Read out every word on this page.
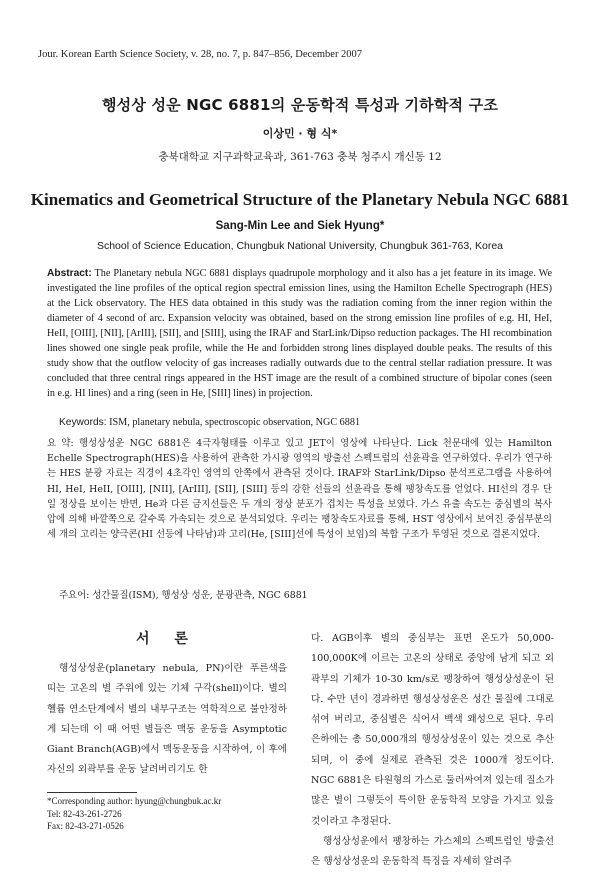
Jour. Korean Earth Science Society, v. 28, no. 7, p. 847–856, December 2007
행성상 성운 NGC 6881의 운동학적 특성과 기하학적 구조
이상민 · 형 식*
충북대학교 지구과학교육과, 361-763 충북 청주시 개신동 12
Kinematics and Geometrical Structure of the Planetary Nebula NGC 6881
Sang-Min Lee and Siek Hyung*
School of Science Education, Chungbuk National University, Chungbuk 361-763, Korea
Abstract: The Planetary nebula NGC 6881 displays quadrupole morphology and it also has a jet feature in its image. We investigated the line profiles of the optical region spectral emission lines, using the Hamilton Echelle Spectrograph (HES) at the Lick observatory. The HES data obtained in this study was the radiation coming from the inner region within the diameter of 4 second of arc. Expansion velocity was obtained, based on the strong emission line profiles of e.g. HI, HeI, HeII, [OIII], [NII], [ArIII], [SII], and [SIII], using the IRAF and StarLink/Dipso reduction packages. The HI recombination lines showed one single peak profile, while the He and forbidden strong lines displayed double peaks. The results of this study show that the outflow velocity of gas increases radially outwards due to the central stellar radiation pressure. It was concluded that three central rings appeared in the HST image are the result of a combined structure of bipolar cones (seen in e.g. HI lines) and a ring (seen in He, [SIII] lines) in projection.
Keywords: ISM, planetary nebula, spectroscopic observation, NGC 6881
요 약: 행성상성운 NGC 6881은 4극자형태를 이루고 있고 JET이 영상에 나타난다. Lick 천문대에 있는 Hamilton Echelle Spectrograph(HES)을 사용하여 관측한 가시광 영역의 방출선 스펙트럼의 선윤곽을 연구하였다. 우리가 연구하는 HES 분광 자료는 직경이 4초각인 영역의 안쪽에서 관측된 것이다. IRAF와 StarLink/Dipso 분석프로그램을 사용하여 HI, HeI, HeII, [OIII], [NII], [ArIII], [SII], [SIII] 등의 강한 선들의 선윤곽을 통해 팽창속도를 얻었다. HI선의 경우 단일 정상을 보이는 반면, He과 다른 금지선들은 두 개의 정상 분포가 겹치는 특성을 보였다. 가스 유출 속도는 중심별의 복사압에 의해 바깥쪽으로 갈수록 가속되는 것으로 분석되었다. 우리는 팽창속도자료를 통해, HST 영상에서 보여진 중심부분의 세 개의 고리는 양극콘(HI 선등에 나타남)과 고리(He, [SIII]선에 특성이 보임)의 복합 구조가 투영된 것으로 결론지었다.
주요어: 성간물질(ISM), 행성상 성운, 분광관측, NGC 6881
서 론

행성상성운(planetary nebula, PN)이란 푸른색을 띠는 고온의 별 주위에 있는 기체 구각(shell)이다. 별의 헬륨 연소단계에서 별의 내부구조는 역학적으로 불안정하게 되는데 이 때 어떤 별들은 맥동 운동을 Asymptotic Giant Branch(AGB)에서 맥동운동을 시작하여, 이 후에 자신의 외곽부를 운동 날려버리기도 한

다. AGB이후 별의 중심부는 표면 온도가 50,000-100,000K에 이르는 고온의 상태로 중앙에 남게 되고 외곽부의 기체가 10-30 km/s로 팽창하여 행성상성운이 된다. 수만 년이 경과하면 행성상성운은 성간 물질에 그대로 섞여 버리고, 중심별은 식어서 백색 왜성으로 된다. 우리 은하에는 총 50,000개의 행성상성운이 있는 것으로 추산되며, 이 중에 실제로 관측된 것은 1000개 정도이다. NGC 6881은 타원형의 가스로 둘러싸여져 있는데 질소가 많은 별이 그렇듯이 특이한 운동학적 모양을 가지고 있을 것이라고 추정된다.

행성상성운에서 팽창하는 가스체의 스펙트럼인 방출선은 행성상성운의 운동학적 특징을 자세히 알려주

*Corresponding author: hyung@chungbuk.ac.kr
Tel: 82-43-261-2726
Fax: 82-43-271-0526
